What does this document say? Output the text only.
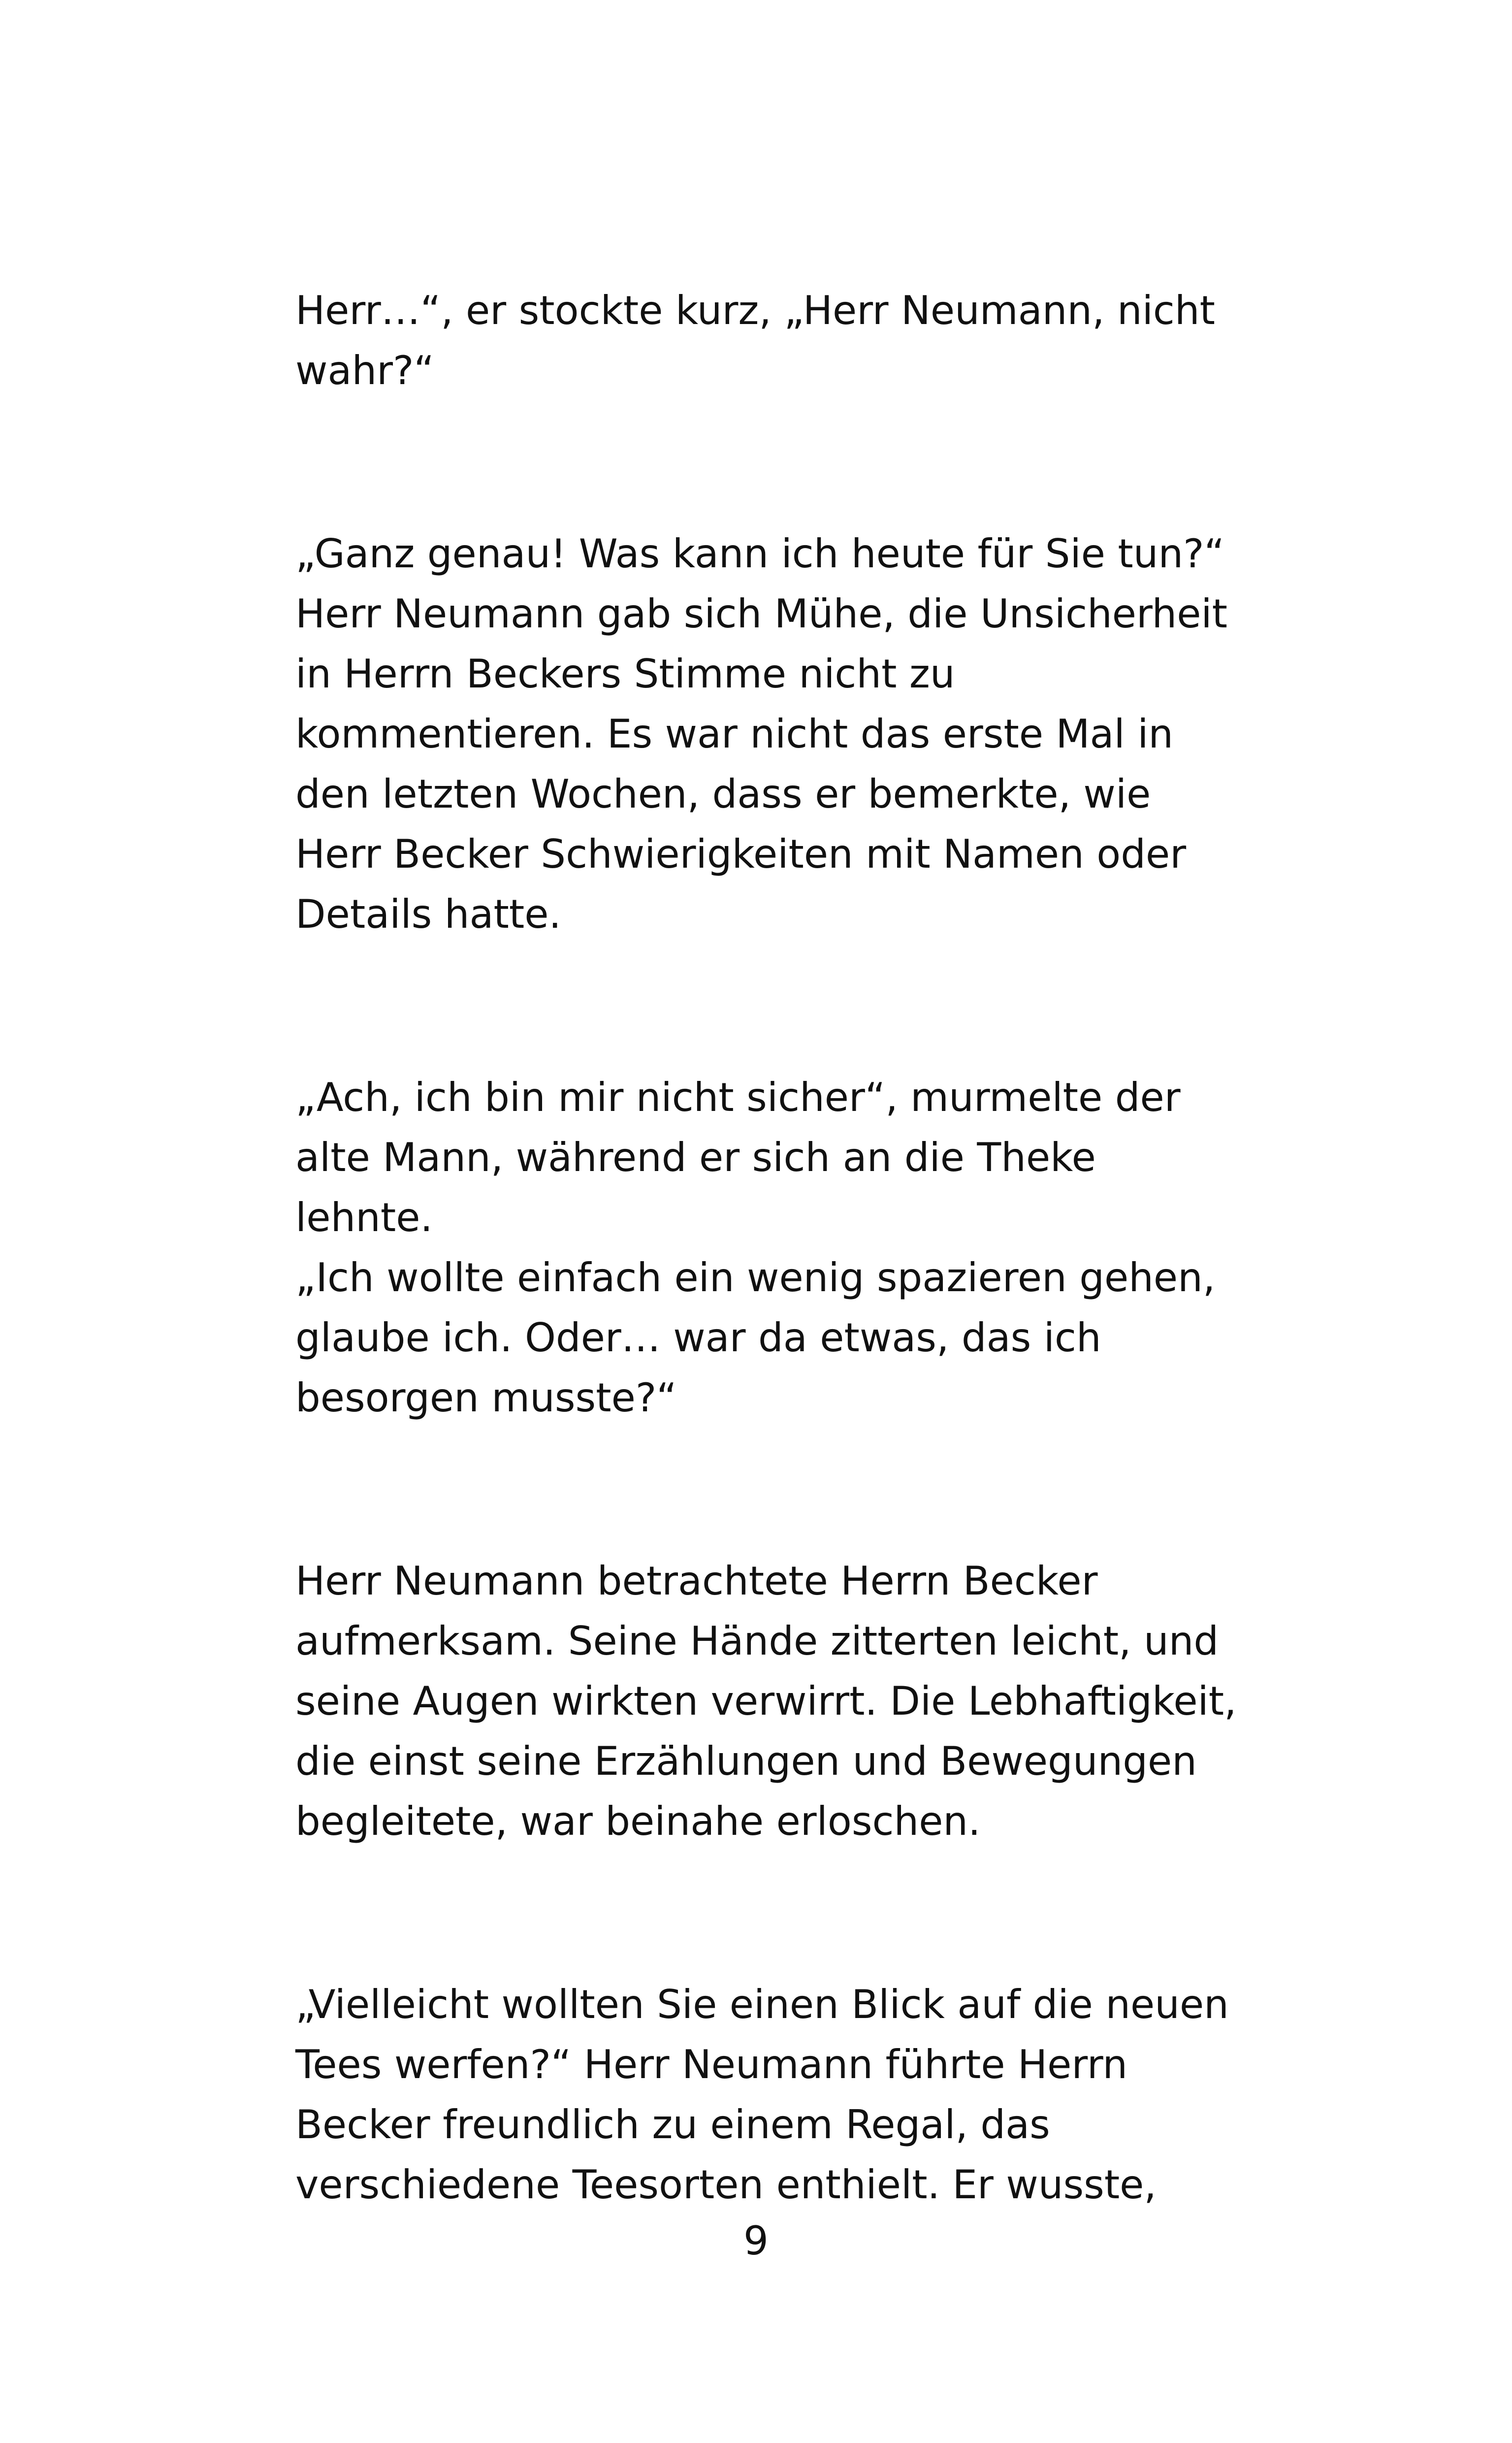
Herr…“, er stockte kurz, „Herr Neumann, nicht
wahr?“

„Ganz genau! Was kann ich heute für Sie tun?“
Herr Neumann gab sich Mühe, die Unsicherheit
in Herrn Beckers Stimme nicht zu
kommentieren. Es war nicht das erste Mal in
den letzten Wochen, dass er bemerkte, wie
Herr Becker Schwierigkeiten mit Namen oder
Details hatte.

„Ach, ich bin mir nicht sicher“, murmelte der
alte Mann, während er sich an die Theke lehnte.
„Ich wollte einfach ein wenig spazieren gehen,
glaube ich. Oder… war da etwas, das ich
besorgen musste?“

Herr Neumann betrachtete Herrn Becker
aufmerksam. Seine Hände zitterten leicht, und
seine Augen wirkten verwirrt. Die Lebhaftigkeit,
die einst seine Erzählungen und Bewegungen
begleitete, war beinahe erloschen.

„Vielleicht wollten Sie einen Blick auf die neuen
Tees werfen?“ Herr Neumann führte Herrn
Becker freundlich zu einem Regal, das
verschiedene Teesorten enthielt. Er wusste,

9
